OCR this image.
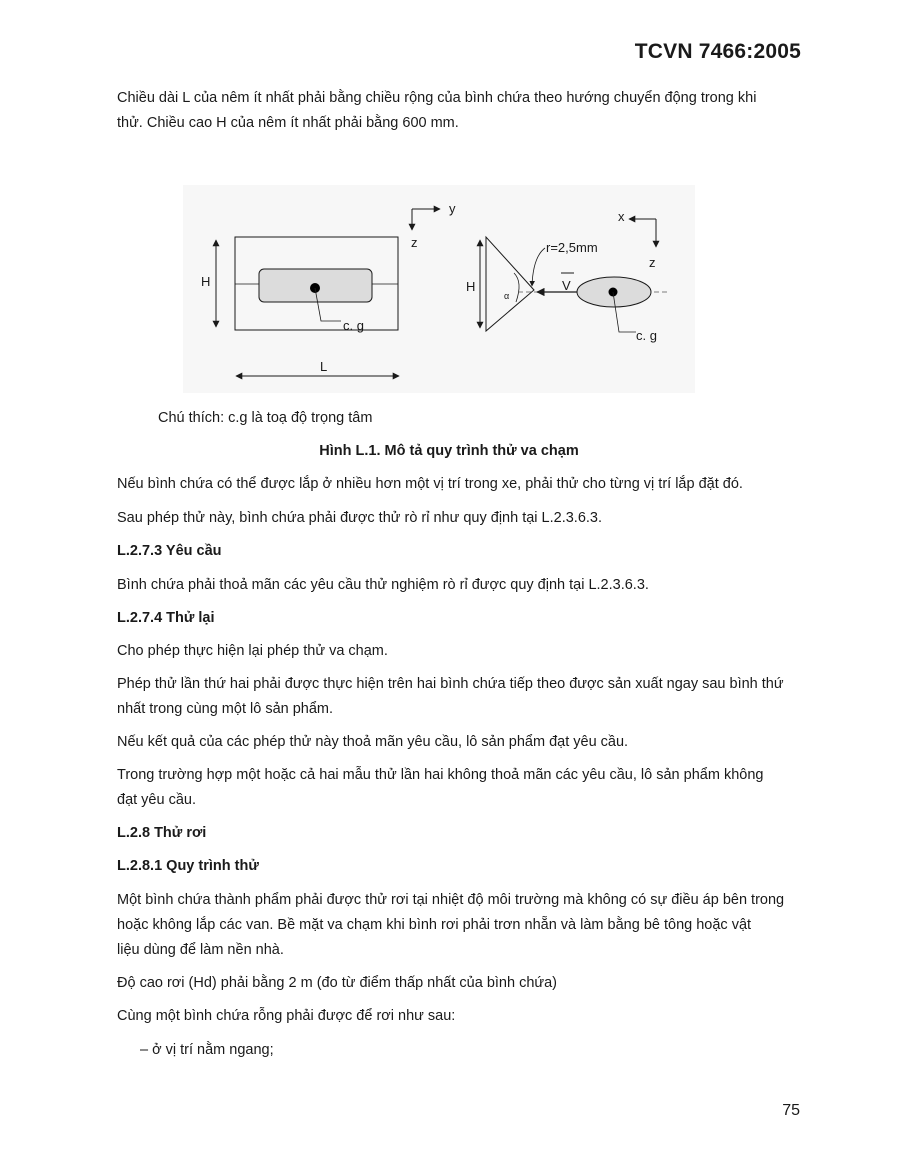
TCVN 7466:2005

Chiều dài L của nêm ít nhất phải bằng chiều rộng của bình chứa theo hướng chuyển động trong khi

thử. Chiều cao H của nêm ít nhất phải bằng 600 mm.

c. g
H
L
y
z
α
H
r=2,5mm
V
c. g
x
z
Chú thích: c.g là toạ độ trọng tâm
Hình L.1. Mô tả quy trình thử va chạm

Nếu bình chứa có thể được lắp ở nhiều hơn một vị trí trong xe, phải thử cho từng vị trí lắp đặt đó.

Sau phép thử này, bình chứa phải được thử rò rỉ như quy định tại L.2.3.6.3.

L.2.7.3 Yêu cầu

Bình chứa phải thoả mãn các yêu cầu thử nghiệm rò rỉ được quy định tại L.2.3.6.3.

L.2.7.4 Thử lại

Cho phép thực hiện lại phép thử va chạm.

Phép thử lần thứ hai phải được thực hiện trên hai bình chứa tiếp theo được sản xuất ngay sau bình thứ

nhất trong cùng một lô sản phẩm.

Nếu kết quả của các phép thử này thoả mãn yêu cầu, lô sản phẩm đạt yêu cầu.

Trong trường hợp một hoặc cả hai mẫu thử lần hai không thoả mãn các yêu cầu, lô sản phẩm không

đạt yêu cầu.

L.2.8 Thử rơi

L.2.8.1 Quy trình thử

Một bình chứa thành phẩm phải được thử rơi tại nhiệt độ môi trường mà không có sự điều áp bên trong

hoặc không lắp các van. Bề mặt va chạm khi bình rơi phải trơn nhẵn và làm bằng bê tông hoặc vật

liệu dùng để làm nền nhà.

Độ cao rơi (Hd) phải bằng 2 m (đo từ điểm thấp nhất của bình chứa)

Cùng một bình chứa rỗng phải được để rơi như sau:

– ở vị trí nằm ngang;

75
